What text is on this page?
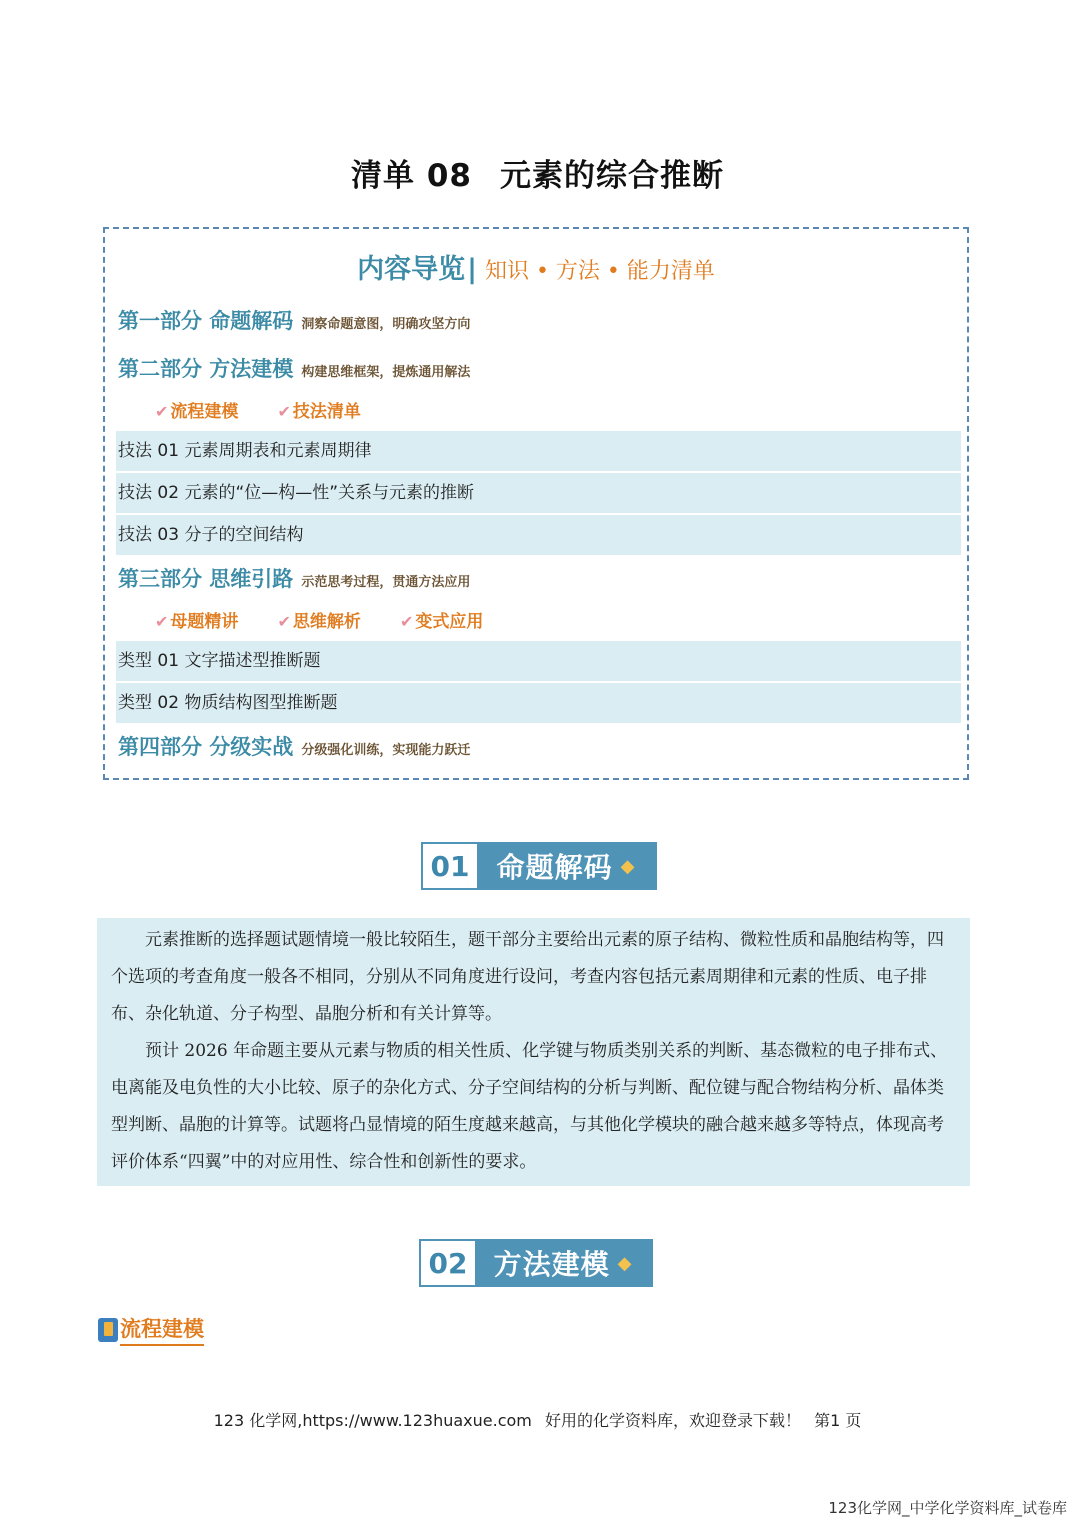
清单 08 元素的综合推断
内容导览| 知识 • 方法 • 能力清单
第一部分 命题解码 洞察命题意图，明确攻坚方向
第二部分 方法建模 构建思维框架，提炼通用解法
✔ 流程建模 ✔ 技法清单
技法 01 元素周期表和元素周期律
技法 02 元素的“位—构—性”关系与元素的推断
技法 03 分子的空间结构
第三部分 思维引路 示范思考过程，贯通方法应用
✔ 母题精讲 ✔ 思维解析 ✔ 变式应用
类型 01 文字描述型推断题
类型 02 物质结构图型推断题
第四部分 分级实战 分级强化训练，实现能力跃迁
01 命题解码 ◆

元素推断的选择题试题情境一般比较陌生，题干部分主要给出元素的原子结构、微粒性质和晶胞结构等，四个选项的考查角度一般各不相同，分别从不同角度进行设问，考查内容包括元素周期律和元素的性质、电子排布、杂化轨道、分子构型、晶胞分析和有关计算等。

预计 2026 年命题主要从元素与物质的相关性质、化学键与物质类别关系的判断、基态微粒的电子排布式、电离能及电负性的大小比较、原子的杂化方式、分子空间结构的分析与判断、配位键与配合物结构分析、晶体类型判断、晶胞的计算等。试题将凸显情境的陌生度越来越高，与其他化学模块的融合越来越多等特点，体现高考评价体系“四翼”中的对应用性、综合性和创新性的要求。

02 方法建模 ◆
流程建模
123 化学网,https://www.123huaxue.com 好用的化学资料库，欢迎登录下载！ 第1 页
123化学网_中学化学资料库_试卷库
